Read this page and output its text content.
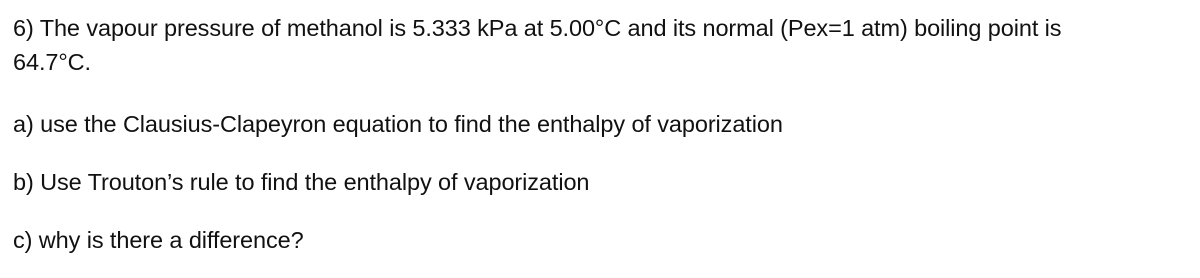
6) The vapour pressure of methanol is 5.333 kPa at 5.00°C and its normal (Pex=1 atm) boiling point is
64.7°C.
a) use the Clausius-Clapeyron equation to find the enthalpy of vaporization
b) Use Trouton’s rule to find the enthalpy of vaporization
c) why is there a difference?
